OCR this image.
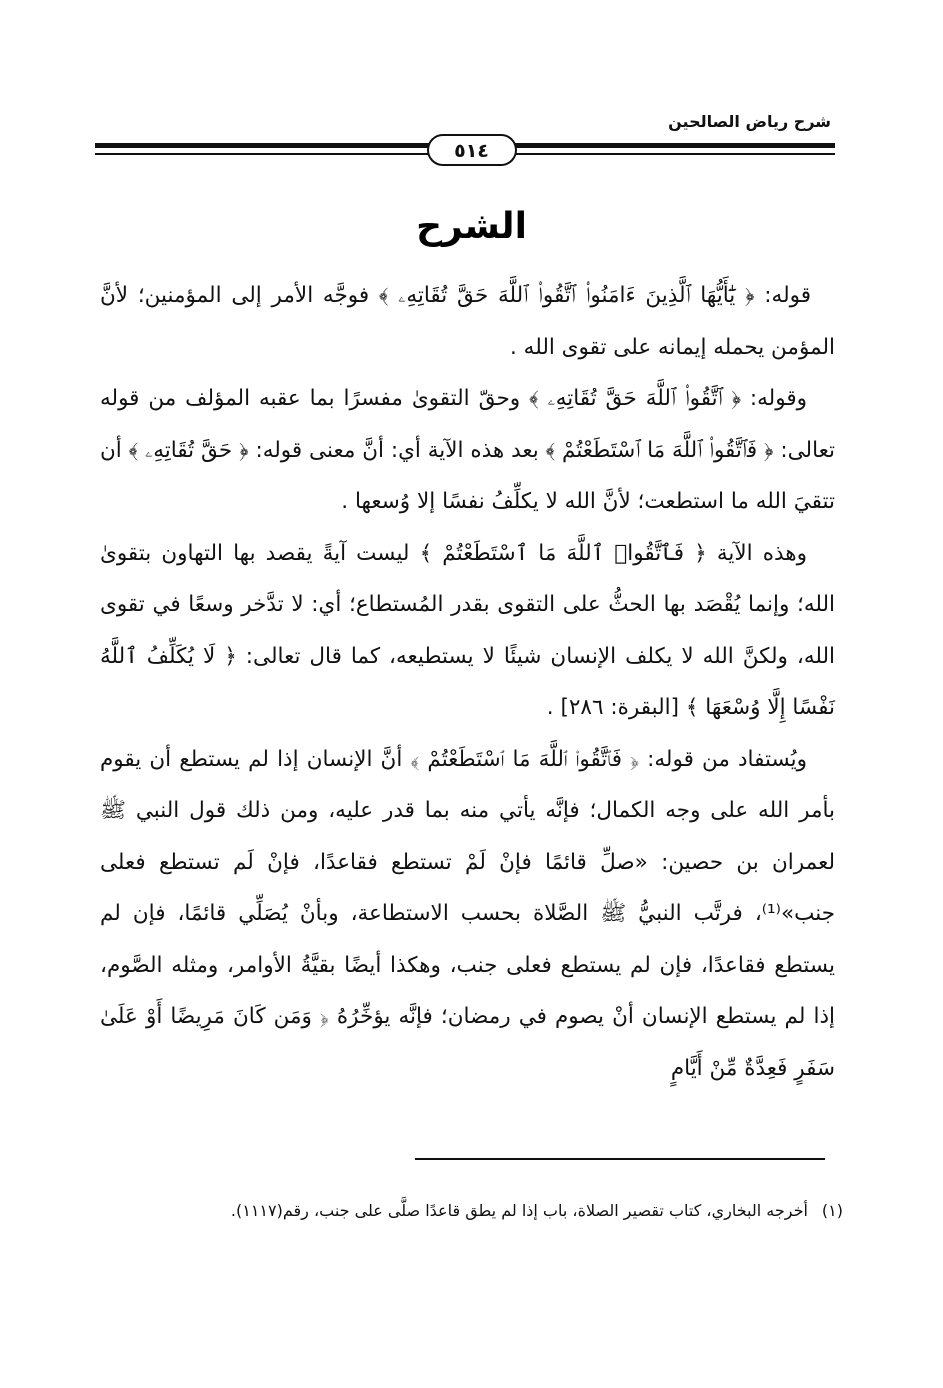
شرح رياض الصالحين
٥١٤
الشرح

قوله: ﴿ يَٰٓأَيُّهَا ٱلَّذِينَ ءَامَنُوا۟ ٱتَّقُوا۟ ٱللَّهَ حَقَّ تُقَاتِهِۦ ﴾ فوجَّه الأمر إلى المؤمنين؛ لأنَّ المؤمن يحمله إيمانه على تقوى الله .

وقوله: ﴿ ٱتَّقُوا۟ ٱللَّهَ حَقَّ تُقَاتِهِۦ ﴾ وحقّ التقوىٰ مفسرًا بما عقبه المؤلف من قوله تعالى: ﴿ فَٱتَّقُوا۟ ٱللَّهَ مَا ٱسْتَطَعْتُمْ ﴾ بعد هذه الآية أي: أنَّ معنى قوله: ﴿ حَقَّ تُقَاتِهِۦ ﴾ أن تتقيَ الله ما استطعت؛ لأنَّ الله لا يكلِّفُ نفسًا إلا وُسعها .

وهذه الآية ﴿ فَٱتَّقُوا۟ ٱللَّهَ مَا ٱسْتَطَعْتُمْ ﴾ ليست آيةً يقصد بها التهاون بتقوىٰ الله؛ وإنما يُقْصَد بها الحثُّ على التقوى بقدر المُستطاع؛ أي: لا تدَّخر وسعًا في تقوى الله، ولكنَّ الله لا يكلف الإنسان شيئًا لا يستطيعه، كما قال تعالى: ﴿ لَا يُكَلِّفُ ٱللَّهُ نَفْسًا إِلَّا وُسْعَهَا ﴾ [البقرة: ٢٨٦] .

ويُستفاد من قوله: ﴿ فَٱتَّقُوا۟ ٱللَّهَ مَا ٱسْتَطَعْتُمْ ﴾ أنَّ الإنسان إذا لم يستطع أن يقوم بأمر الله على وجه الكمال؛ فإنَّه يأتي منه بما قدر عليه، ومن ذلك قول النبي ﷺ لعمران بن حصين: «صلِّ قائمًا فإنْ لَمْ تستطع فقاعدًا، فإنْ لَم تستطع فعلى جنب»⁽¹⁾، فرتَّب النبيُّ ﷺ الصَّلاة بحسب الاستطاعة، وبأنْ يُصَلِّي قائمًا، فإن لم يستطع فقاعدًا، فإن لم يستطع فعلى جنب، وهكذا أيضًا بقيَّةُ الأوامر، ومثله الصَّوم، إذا لم يستطع الإنسان أنْ يصوم في رمضان؛ فإنَّه يؤخِّرُهُ ﴿ وَمَن كَانَ مَرِيضًا أَوْ عَلَىٰ سَفَرٍ فَعِدَّةٌ مِّنْ أَيَّامٍ

(١)أخرجه البخاري، كتاب تقصير الصلاة، باب إذا لم يطق قاعدًا صلَّى على جنب، رقم(١١١٧).
